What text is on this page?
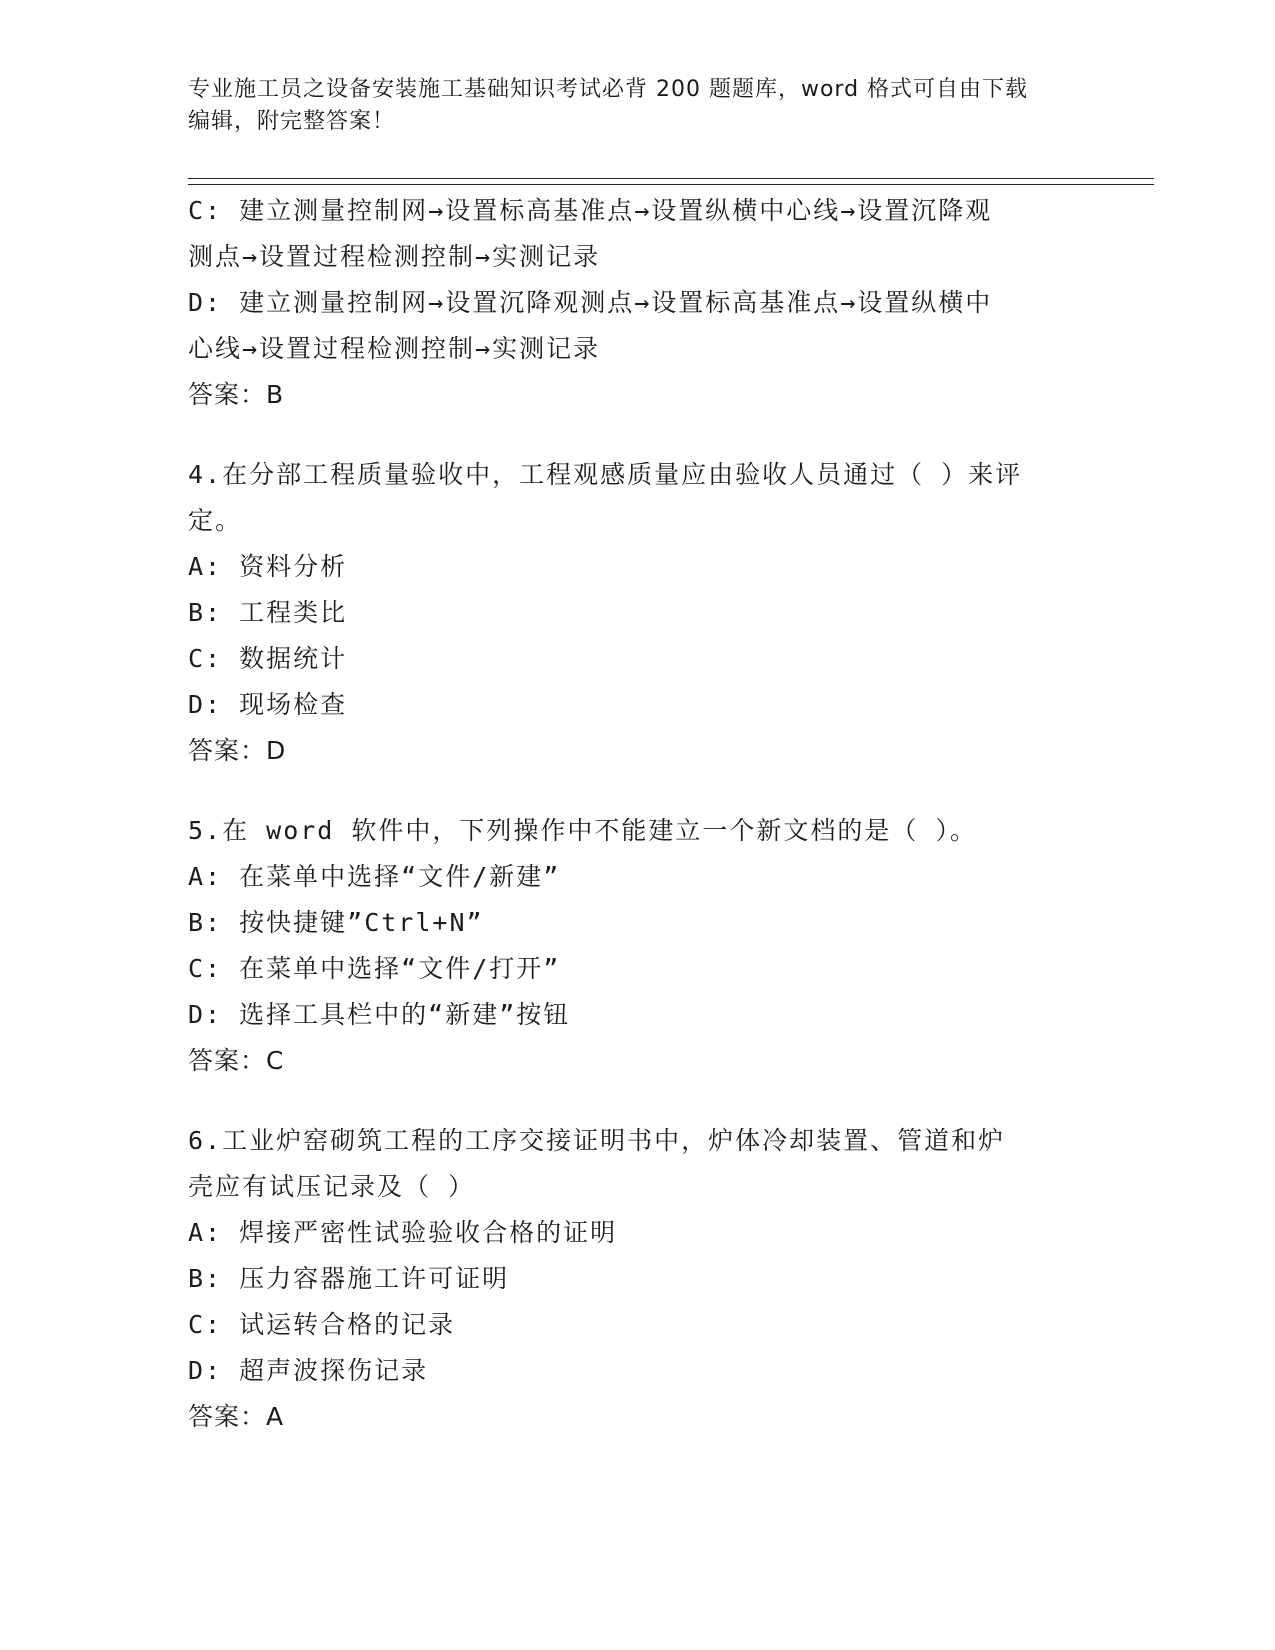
专业施工员之设备安装施工基础知识考试必背 200 题题库，word 格式可自由下载
编辑，附完整答案！
C: 建立测量控制网→设置标高基准点→设置纵横中心线→设置沉降观
测点→设置过程检测控制→实测记录
D: 建立测量控制网→设置沉降观测点→设置标高基准点→设置纵横中
心线→设置过程检测控制→实测记录
答案：B
4.在分部工程质量验收中，工程观感质量应由验收人员通过（ ）来评
定。
A: 资料分析
B: 工程类比
C: 数据统计
D: 现场检查
答案：D
5.在 word 软件中，下列操作中不能建立一个新文档的是（ ）。
A: 在菜单中选择“文件/新建”
B: 按快捷键”Ctrl+N”
C: 在菜单中选择“文件/打开”
D: 选择工具栏中的“新建”按钮
答案：C
6.工业炉窑砌筑工程的工序交接证明书中，炉体冷却装置、管道和炉
壳应有试压记录及（ ）
A: 焊接严密性试验验收合格的证明
B: 压力容器施工许可证明
C: 试运转合格的记录
D: 超声波探伤记录
答案：A
